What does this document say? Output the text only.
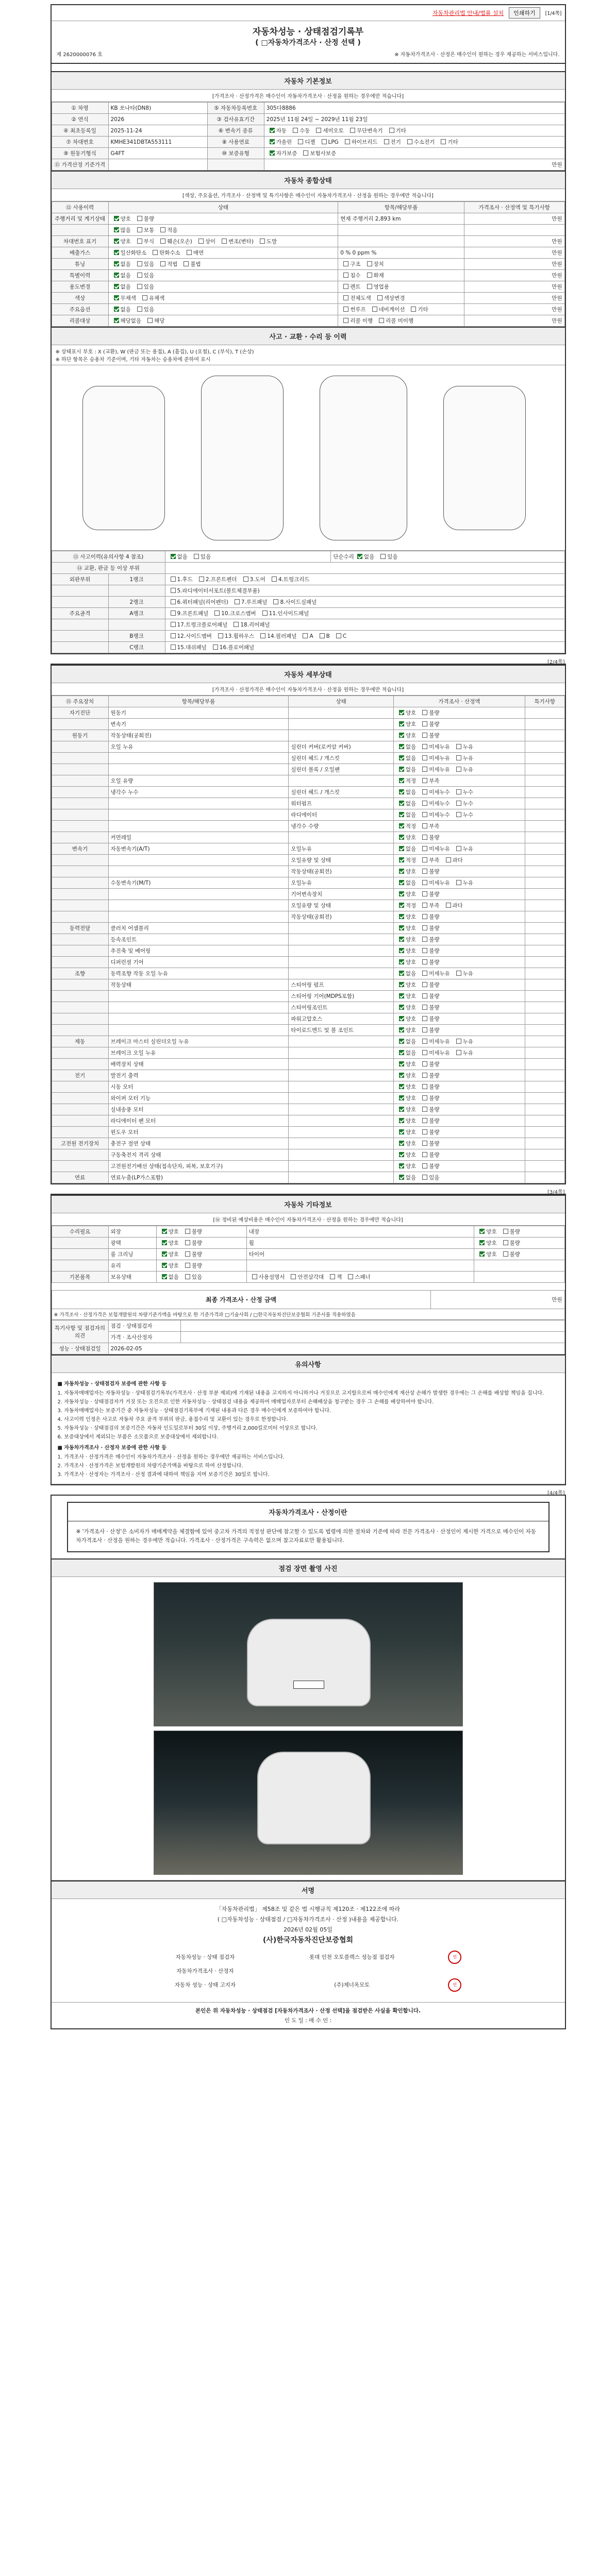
자동차관리법 안내/법률 설치	인쇄하기	[1/4쪽]
자동차성능 · 상태점검기록부
( □자동차가격조사 · 산정 선택 )
제 2620000076 호	※ 자동차가격조사 · 산정은 매수인이 원하는 경우 제공하는 서비스입니다.
자동차 기본정보
[가격조사 · 산정가격은 매수인이 자동차가격조사 · 산정을 원하는 경우에만 적습니다]
① 차명	KB 쏘나타(DN8)	⑤ 자동차등록번호	305다8886
② 연식	2026	③ 검사유효기간	2025년 11월 24일 ~ 2029년 11월 23일
④ 최초등록일	2025-11-24	⑥ 변속기 종류	자동 수동 세미오토 무단변속기 기타
⑦ 차대번호	KMHE341DBTA553111	⑧ 사용연료	가솔린 디젤 LPG 하이브리드 전기 수소전기 기타
⑨ 원동기형식	G4FT	⑩ 보증유형	자가보증 보험사보증
⑪ 가격산정 기준가격			만원
자동차 종합상태
[색상, 주요옵션, 가격조사 · 산정액 및 특기사항은 매수인이 자동차가격조사 · 산정을 원하는 경우에만 적습니다]
⑫ 사용이력	상태	항목/해당부품	가격조사 · 산정액 및 특기사항
주행거리 및 계기상태	양호 불량	현재 주행거리 2,893 km	만원
	많음 보통 적음		
차대번호 표기	양호 부식 훼손(오손) 상이 변조(변타) 도말		만원
배출가스	일산화탄소 탄화수소 매연	0 % 0 ppm %	만원
튜닝	없음 있음 적법 불법	구조 장치	만원
특별이력	없음 있음	침수 화재	만원
용도변경	없음 있음	렌트 영업용	만원
색상	무채색 유채색	전체도색 색상변경	만원
주요옵션	없음 있음	썬루프 네비게이션 기타	만원
리콜대상	해당없음 해당	리콜 이행 리콜 미이행	만원
사고 · 교환 · 수리 등 이력
※ 상태표시 부호 : X (교환), W (판금 또는 용접), A (흠집), U (요철), C (부식), T (손상)
※ 하단 항목은 승용차 기준이며, 기타 자동차는 승용차에 준하여 표시
⑬ 사고이력(유의사항 4 참조)		없음 있음	단순수리 없음 있음
⑭ 교환, 판금 등 이상 부위			
외판부위	1랭크	1.후드 2.프론트펜더 3.도어 4.트렁크리드	
		5.라디에이터서포트(볼트체결부품)	
	2랭크	6.쿼터패널(리어펜더) 7.루프패널 8.사이드실패널	
주요골격	A랭크	9.프론트패널 10.크로스멤버 11.인사이드패널	
		17.트렁크플로어패널 18.리어패널	
	B랭크	12.사이드멤버 13.휠하우스 14.필러패널 A B C	
	C랭크	15.대쉬패널 16.플로어패널	
[2/4쪽]
자동차 세부상태
[가격조사 · 산정가격은 매수인이 자동차가격조사 · 산정을 원하는 경우에만 적습니다]
⑮ 주요장치	항목/해당부품	상태	가격조사 · 산정액	특기사항
자기진단	원동기		양호 불량	
	변속기		양호 불량	
원동기	작동상태(공회전)		양호 불량	
	오일 누유	실린더 커버(로커암 커버)	없음 미세누유 누유	
		실린더 헤드 / 개스킷	없음 미세누유 누유	
		실린더 블록 / 오일팬	없음 미세누유 누유	
	오일 유량		적정 부족	
	냉각수 누수	실린더 헤드 / 개스킷	없음 미세누수 누수	
		워터펌프	없음 미세누수 누수	
		라디에이터	없음 미세누수 누수	
		냉각수 수량	적정 부족	
	커먼레일		양호 불량	
변속기	자동변속기(A/T)	오일누유	없음 미세누유 누유	
		오일유량 및 상태	적정 부족 과다	
		작동상태(공회전)	양호 불량	
	수동변속기(M/T)	오일누유	없음 미세누유 누유	
		기어변속장치	양호 불량	
		오일유량 및 상태	적정 부족 과다	
		작동상태(공회전)	양호 불량	
동력전달	클러치 어셈블리		양호 불량	
	등속조인트		양호 불량	
	추진축 및 베어링		양호 불량	
	디퍼런셜 기어		양호 불량	
조향	동력조향 작동 오일 누유		없음 미세누유 누유	
	작동상태	스티어링 펌프	양호 불량	
		스티어링 기어(MDPS포함)	양호 불량	
		스티어링조인트	양호 불량	
		파워고압호스	양호 불량	
		타이로드엔드 및 볼 조인트	양호 불량	
제동	브레이크 마스터 실린더오일 누유		없음 미세누유 누유	
	브레이크 오일 누유		없음 미세누유 누유	
	배력장치 상태		양호 불량	
전기	발전기 출력		양호 불량	
	시동 모터		양호 불량	
	와이퍼 모터 기능		양호 불량	
	실내송풍 모터		양호 불량	
	라디에이터 팬 모터		양호 불량	
	윈도우 모터		양호 불량	
고전원 전기장치	충전구 절연 상태		양호 불량	
	구동축전지 격리 상태		양호 불량	
	고전원전기배선 상태(접속단자, 피복, 보호기구)		양호 불량	
연료	연료누출(LP가스포함)		없음 있음	
[3/4쪽]
자동차 기타정보
[⑯ 정비된 예상비용은 매수인이 자동차가격조사 · 산정을 원하는 경우에만 적습니다]
수리필요	외장	양호 불량	내장	양호 불량
	광택	양호 불량	휠	양호 불량
	룸 크리닝	양호 불량	타이어	양호 불량
	유리	양호 불량		
기본품목	보유상태	없음 있음	사용설명서 안전삼각대 잭 스패너	
최종 가격조사 · 산정 금액	만원
※ 가격조사 · 산정가격은 보험개발원의 차량기준가액을 바탕으로 한 기준가격과 □기술사회 / □한국자동차진단보증협회 기준서를 적용하였음
특기사항 및 점검자의 의견	점검 · 상태점검자	
	가격 · 조사산정자	
성능 · 상태점검일	2026-02-05	
유의사항
■ 자동차성능 · 상태점검자 보증에 관한 사항 등

1. 자동차매매업자는 자동차성능 · 상태점검기록부(가격조사 · 산정 부분 제외)에 기재된 내용을 고지하지 아니하거나 거짓으로 고지함으로써 매수인에게 재산상 손해가 발생한 경우에는 그 손해를 배상할 책임을 집니다.

2. 자동차성능 · 상태점검자가 거짓 또는 오진으로 인한 자동차성능 · 상태점검 내용을 제공하여 매매업자로부터 손해배상을 청구받는 경우 그 손해를 배상하여야 합니다.

3. 자동차매매업자는 보증기간 중 자동차성능 · 상태점검기록부에 기재된 내용과 다른 경우 매수인에게 보증하여야 합니다.

4. 사고이력 인정은 사고로 자동차 주요 골격 부위의 판금, 용접수리 및 교환이 있는 경우로 한정합니다.

5. 자동차성능 · 상태점검의 보증기간은 자동차 인도일로부터 30일 이상, 주행거리 2,000킬로미터 이상으로 합니다.

6. 보증대상에서 제외되는 부품은 소모품으로 보증대상에서 제외합니다.

■ 자동차가격조사 · 산정자 보증에 관한 사항 등

1. 가격조사 · 산정가격은 매수인이 자동차가격조사 · 산정을 원하는 경우에만 제공하는 서비스입니다.

2. 가격조사 · 산정가격은 보험개발원의 차량기준가액을 바탕으로 하여 산정합니다.

3. 가격조사 · 산정자는 가격조사 · 산정 결과에 대하여 책임을 지며 보증기간은 30일로 합니다.

[4/4쪽]
자동차가격조사 · 산정이란
※ '가격조사 · 산정'은 소비자가 매매계약을 체결함에 있어 중고차 가격의 적정성 판단에 참고할 수 있도록 법령에 의한 절차와 기준에 따라 전문 가격조사 · 산정인이 제시한 가격으로 매수인이 자동차가격조사 · 산정을 원하는 경우에만 적습니다. 가격조사 · 산정가격은 구속력은 없으며 참고자료로만 활용됩니다.
점검 장면 촬영 사진
서명
「자동차관리법」 제58조 및 같은 법 시행규칙 제120조 · 제122조에 따라
( □자동차성능 · 상태점검 / □자동차가격조사 · 산정 )내용을 제공합니다.
2026년 02월 05일
(사)한국자동차진단보증협회
자동차성능 · 상태 점검자	롯데 인천 오토플렉스 성능점 점검자	인
자동차가격조사 · 산정자		
자동차 성능 · 상태 고지자	(주)제너옥모토	인
본인은 위 자동차성능 · 상태점검 [자동차가격조사 · 산정 선택]을 점검받은 사실을 확인합니다.
인 도 일 : 매 수 인 :
